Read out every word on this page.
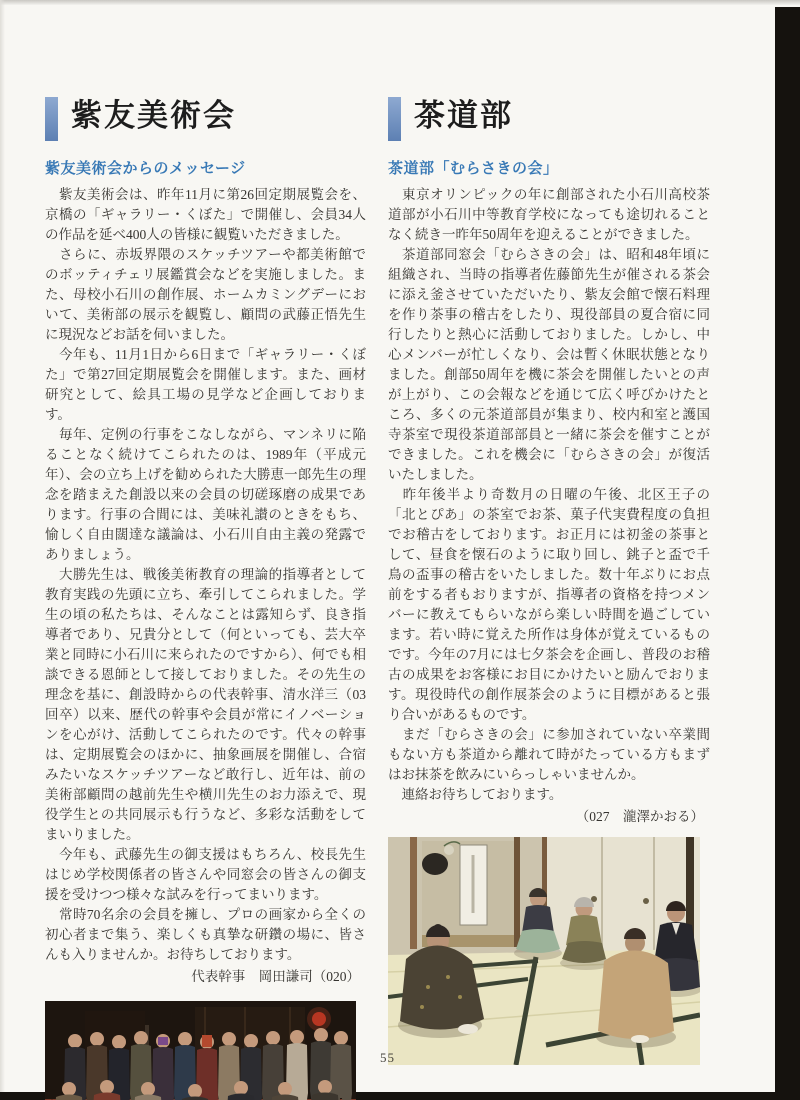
紫友美術会
紫友美術会からのメッセージ

　紫友美術会は、昨年11月に第26回定期展覧会を、京橋の「ギャラリー・くぼた」で開催し、会員34人の作品を延べ400人の皆様に観覧いただきました。

　さらに、赤坂界隈のスケッチツアーや都美術館でのボッティチェリ展鑑賞会などを実施しました。また、母校小石川の創作展、ホームカミングデーにおいて、美術部の展示を観覧し、顧問の武藤正悟先生に現況などお話を伺いました。

　今年も、11月1日から6日まで「ギャラリー・くぼた」で第27回定期展覧会を開催します。また、画材研究として、絵具工場の見学など企画しております。

　毎年、定例の行事をこなしながら、マンネリに陥ることなく続けてこられたのは、1989年（平成元年）、会の立ち上げを勧められた大勝恵一郎先生の理念を踏まえた創設以来の会員の切磋琢磨の成果であります。行事の合間には、美味礼讃のときをもち、愉しく自由闊達な議論は、小石川自由主義の発露でありましょう。

　大勝先生は、戦後美術教育の理論的指導者として教育実践の先頭に立ち、牽引してこられました。学生の頃の私たちは、そんなことは露知らず、良き指導者であり、兄貴分として（何といっても、芸大卒業と同時に小石川に来られたのですから）、何でも相談できる恩師として接しておりました。その先生の理念を基に、創設時からの代表幹事、清水洋三（03回卒）以来、歴代の幹事や会員が常にイノベーションを心がけ、活動してこられたのです。代々の幹事は、定期展覧会のほかに、抽象画展を開催し、合宿みたいなスケッチツアーなど敢行し、近年は、前の美術部顧問の越前先生や横川先生のお力添えで、現役学生との共同展示も行うなど、多彩な活動をしてまいりました。

　今年も、武藤先生の御支援はもちろん、校長先生はじめ学校関係者の皆さんや同窓会の皆さんの御支援を受けつつ様々な試みを行ってまいります。

　常時70名余の会員を擁し、プロの画家から全くの初心者まで集う、楽しくも真摯な研鑽の場に、皆さんも入りませんか。お待ちしております。

代表幹事　岡田謙司（020）

茶道部
茶道部「むらさきの会」

　東京オリンピックの年に創部された小石川高校茶道部が小石川中等教育学校になっても途切れることなく続き一昨年50周年を迎えることができました。

　茶道部同窓会「むらさきの会」は、昭和48年頃に組織され、当時の指導者佐藤節先生が催される茶会に添え釜させていただいたり、紫友会館で懐石料理を作り茶事の稽古をしたり、現役部員の夏合宿に同行したりと熱心に活動しておりました。しかし、中心メンバーが忙しくなり、会は暫く休眠状態となりました。創部50周年を機に茶会を開催したいとの声が上がり、この会報などを通じて広く呼びかけたところ、多くの元茶道部員が集まり、校内和室と護国寺茶室で現役茶道部部員と一緒に茶会を催すことができました。これを機会に「むらさきの会」が復活いたしました。

　昨年後半より奇数月の日曜の午後、北区王子の「北とぴあ」の茶室でお茶、菓子代実費程度の負担でお稽古をしております。お正月には初釜の茶事として、昼食を懐石のように取り回し、銚子と盃で千鳥の盃事の稽古をいたしました。数十年ぶりにお点前をする者もおりますが、指導者の資格を持つメンバーに教えてもらいながら楽しい時間を過ごしています。若い時に覚えた所作は身体が覚えているものです。今年の7月には七夕茶会を企画し、普段のお稽古の成果をお客様にお目にかけたいと励んでおります。現役時代の創作展茶会のように目標があると張り合いがあるものです。

　まだ「むらさきの会」に参加されていない卒業間もない方も茶道から離れて時がたっている方もまずはお抹茶を飲みにいらっしゃいませんか。

　連絡お待ちしております。

（027　瀧澤かおる）

55
